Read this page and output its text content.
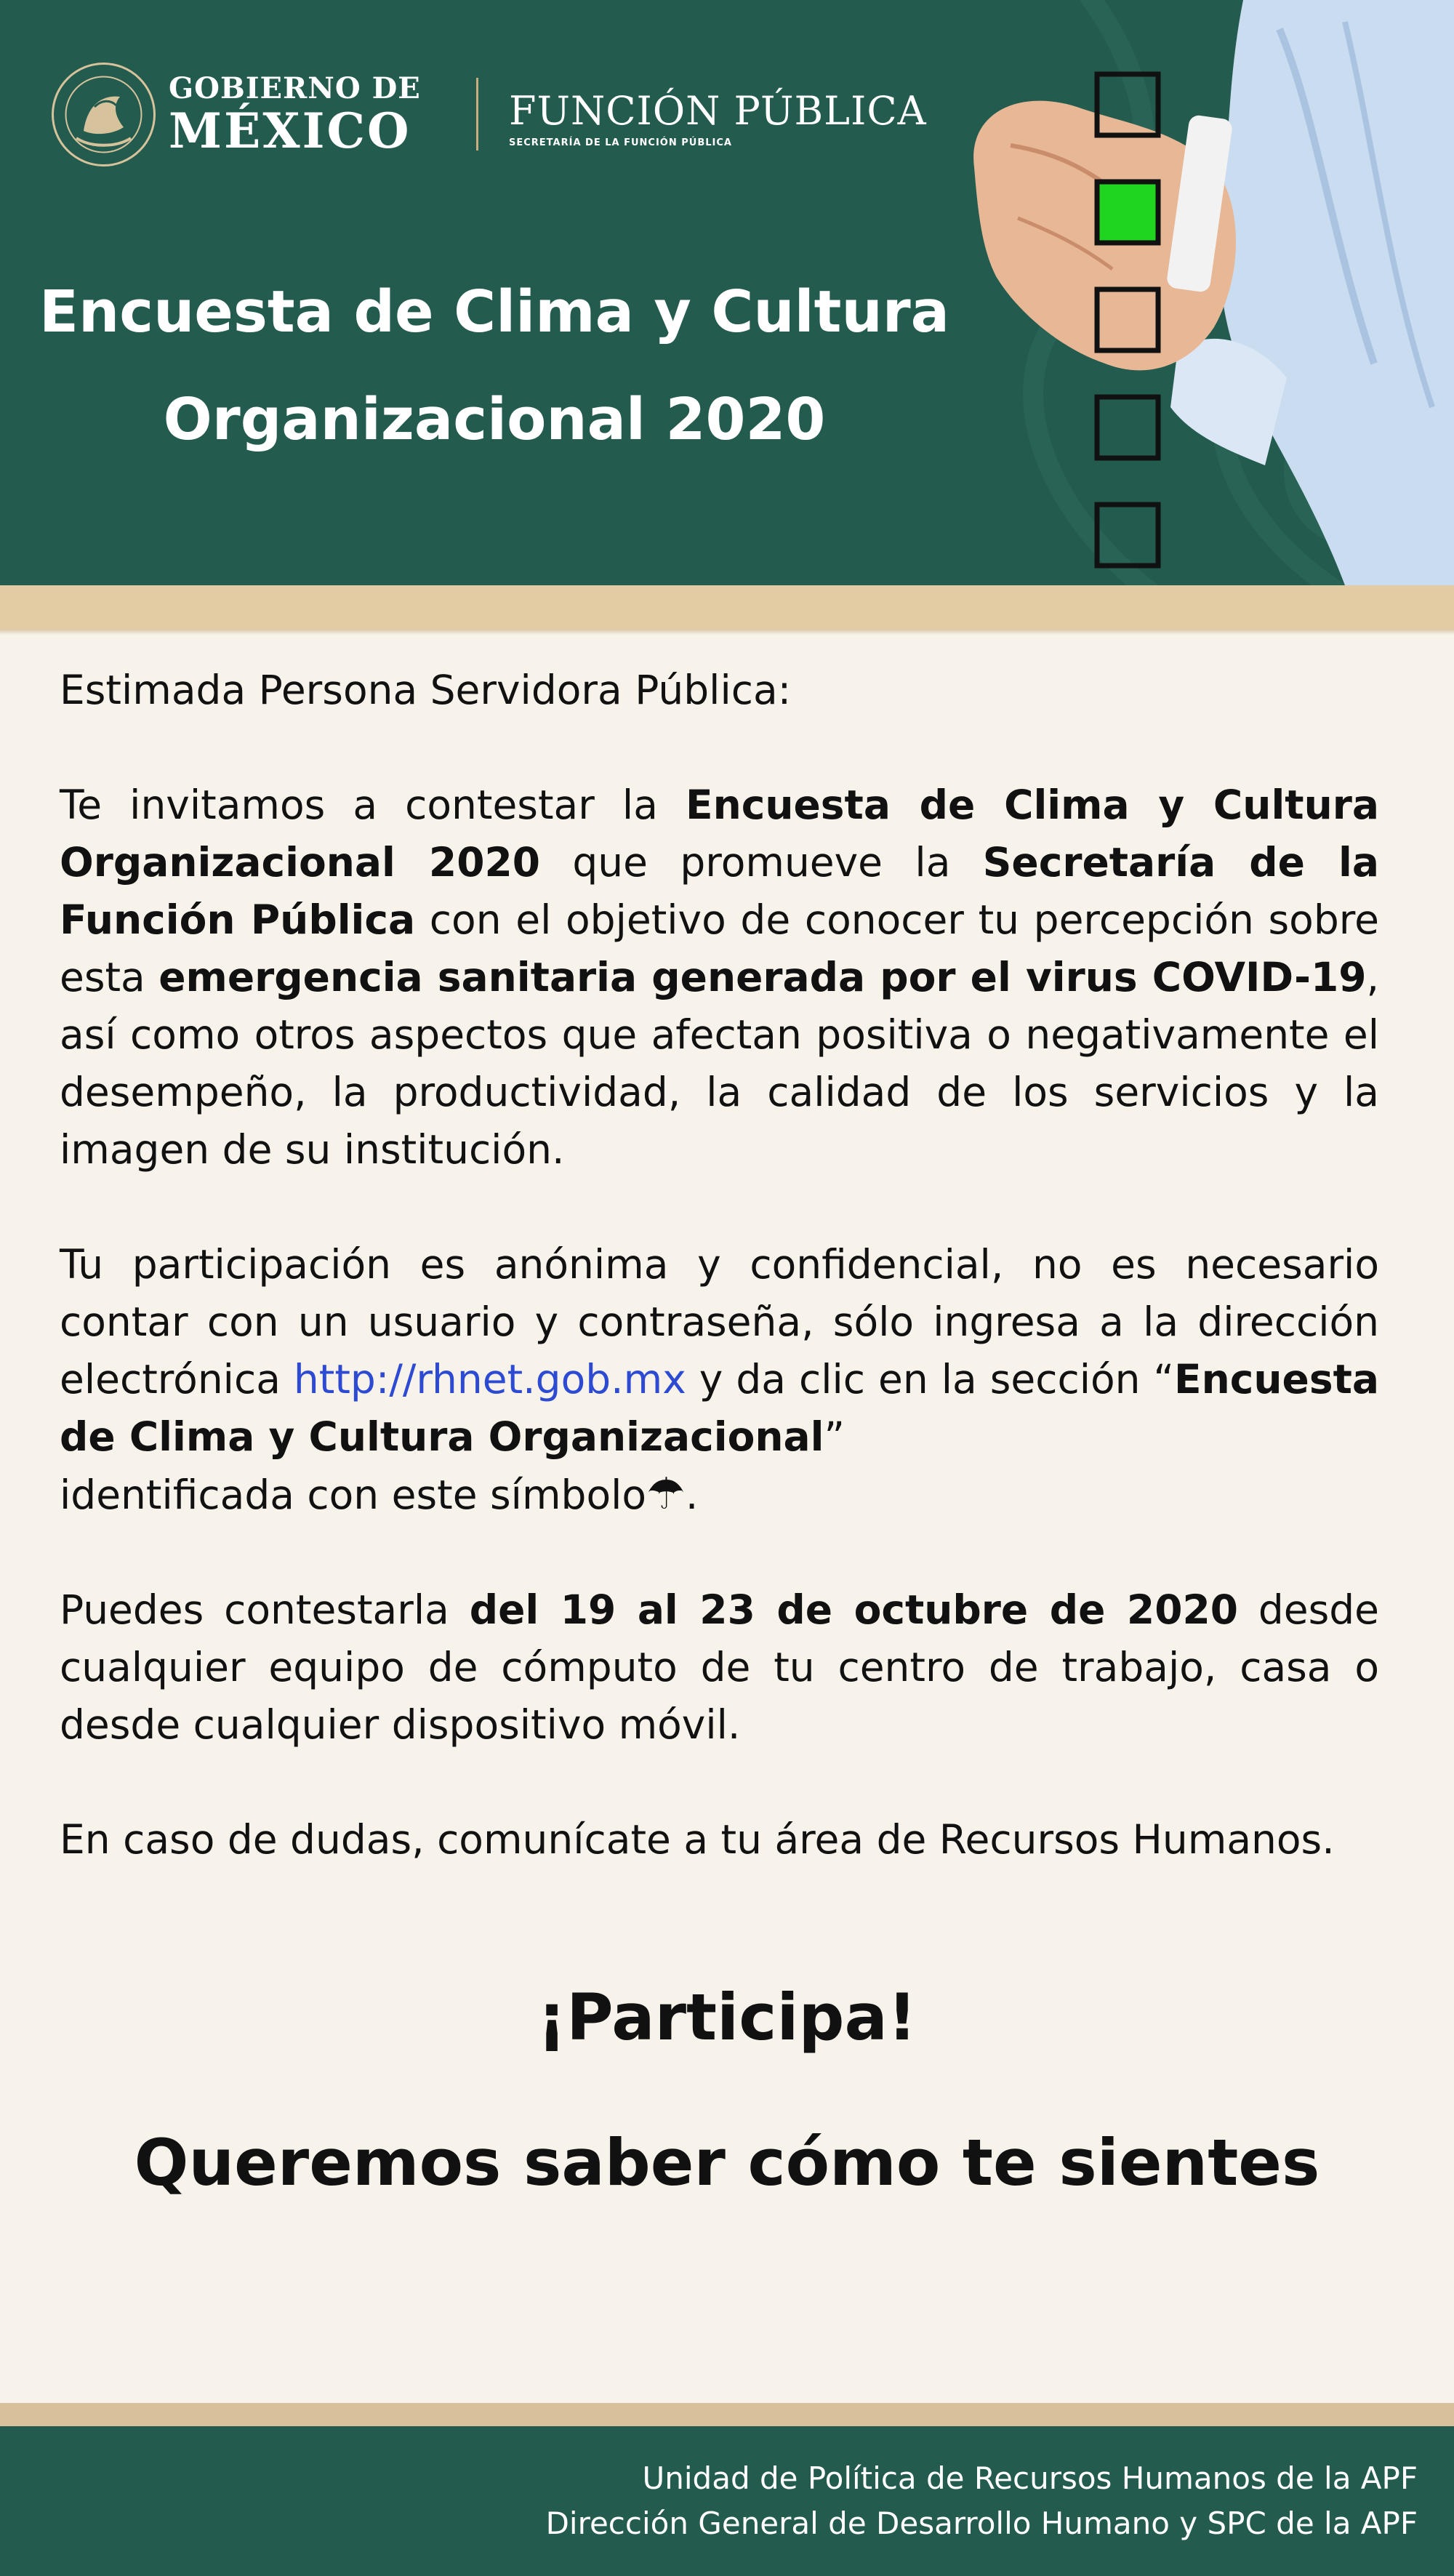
GOBIERNO DE
MÉXICO FUNCIÓN PÚBLICA
SECRETARÍA DE LA FUNCIÓN PÚBLICA
Encuesta de Clima y Cultura
Organizacional 2020

Estimada Persona Servidora Pública:

Te invitamos a contestar la Encuesta de Clima y Cultura Organizacional 2020 que promueve la Secretaría de la Función Pública con el objetivo de conocer tu percepción sobre esta emergencia sanitaria generada por el virus COVID-19, así como otros aspectos que afectan positiva o negativamente el desempeño, la productividad, la calidad de los servicios y la imagen de su institución.

Tu participación es anónima y confidencial, no es necesario contar con un usuario y contraseña, sólo ingresa a la dirección electrónica http://rhnet.gob.mx y da clic en la sección “Encuesta de Clima y Cultura Organizacional”
identificada con este símbolo☂.

Puedes contestarla del 19 al 23 de octubre de 2020 desde cualquier equipo de cómputo de tu centro de trabajo, casa o desde cualquier dispositivo móvil.

En caso de dudas, comunícate a tu área de Recursos Humanos.

¡Participa!
Queremos saber cómo te sientes
Unidad de Política de Recursos Humanos de la APF
Dirección General de Desarrollo Humano y SPC de la APF
